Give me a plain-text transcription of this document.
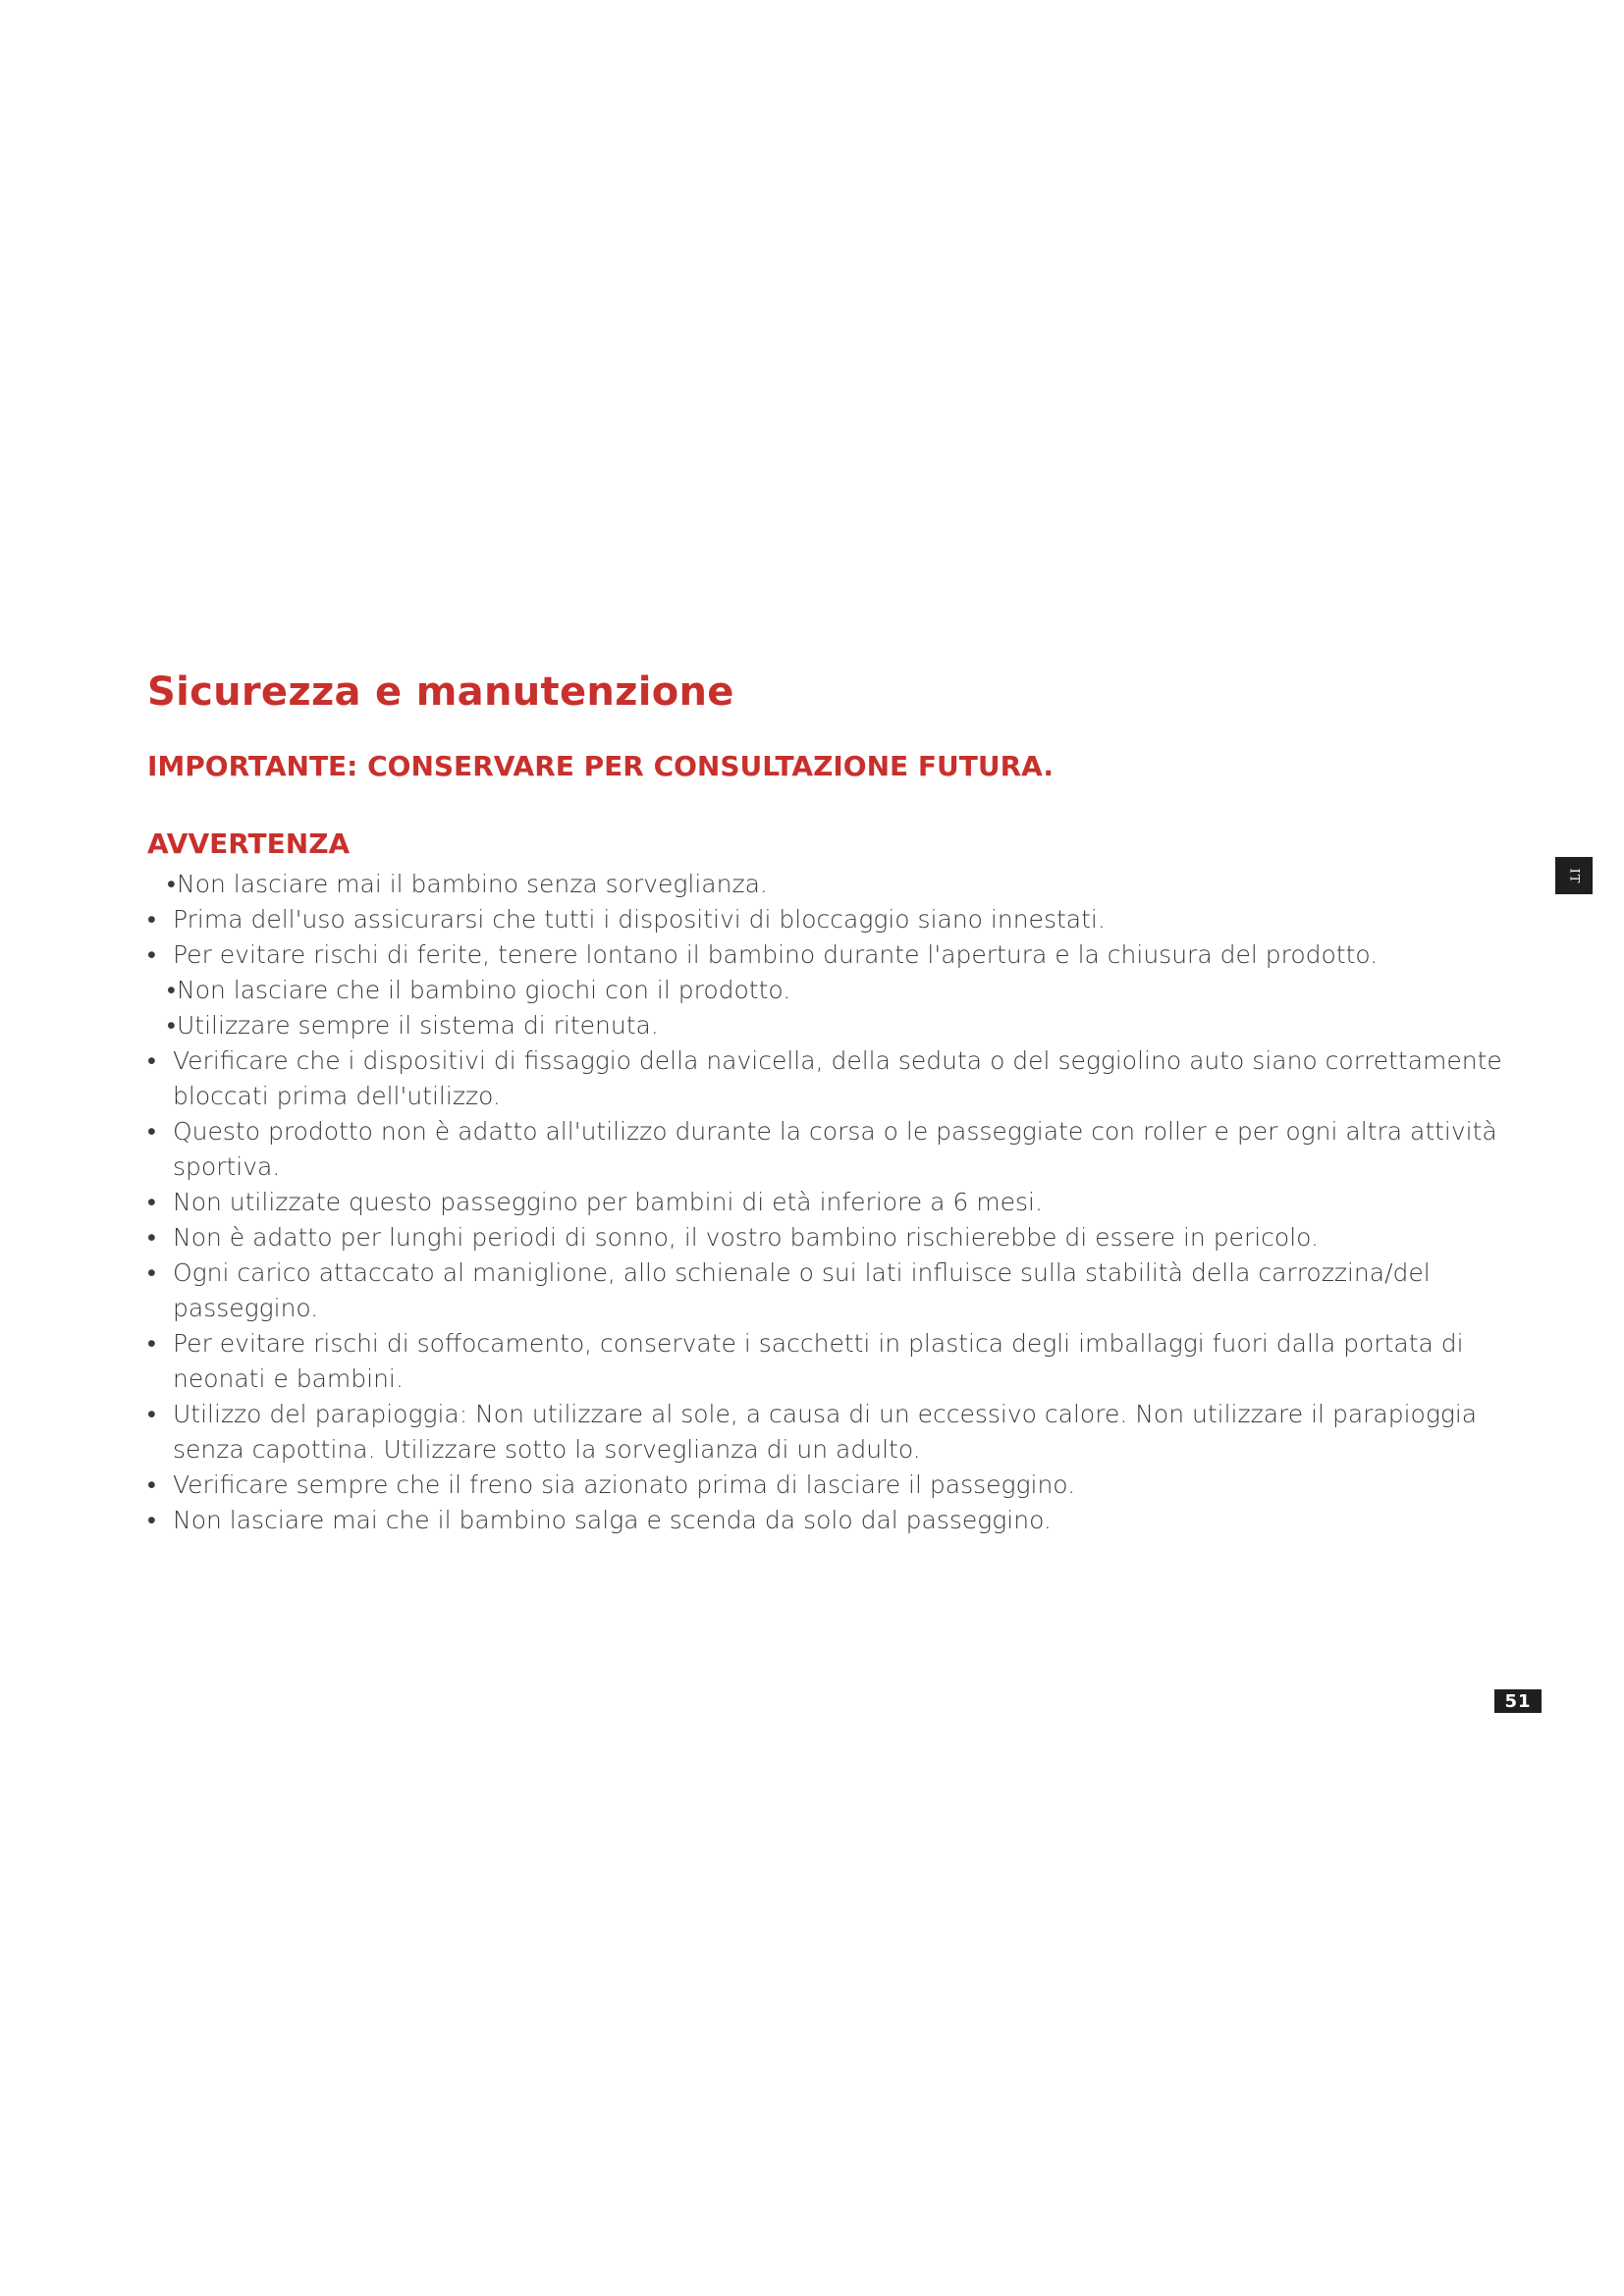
Sicurezza e manutenzione
IMPORTANTE: CONSERVARE PER CONSULTAZIONE FUTURA.
AVVERTENZA
• Non lasciare mai il bambino senza sorveglianza.
• Prima dell'uso assicurarsi che tutti i dispositivi di bloccaggio siano innestati.
• Per evitare rischi di ferite, tenere lontano il bambino durante l'apertura e la chiusura del prodotto.
• Non lasciare che il bambino giochi con il prodotto.
• Utilizzare sempre il sistema di ritenuta.
• Verificare che i dispositivi di fissaggio della navicella, della seduta o del seggiolino auto siano correttamente bloccati prima dell'utilizzo.
• Questo prodotto non è adatto all'utilizzo durante la corsa o le passeggiate con roller e per ogni altra attività sportiva.
• Non utilizzate questo passeggino per bambini di età inferiore a 6 mesi.
• Non è adatto per lunghi periodi di sonno, il vostro bambino rischierebbe di essere in pericolo.
• Ogni carico attaccato al maniglione, allo schienale o sui lati influisce sulla stabilità della carrozzina/del passeggino.
• Per evitare rischi di soffocamento, conservate i sacchetti in plastica degli imballaggi fuori dalla portata di neonati e bambini.
• Utilizzo del parapioggia: Non utilizzare al sole, a causa di un eccessivo calore. Non utilizzare il parapioggia senza capottina. Utilizzare sotto la sorveglianza di un adulto.
• Verificare sempre che il freno sia azionato prima di lasciare il passeggino.
• Non lasciare mai che il bambino salga e scenda da solo dal passeggino.
IT
51
